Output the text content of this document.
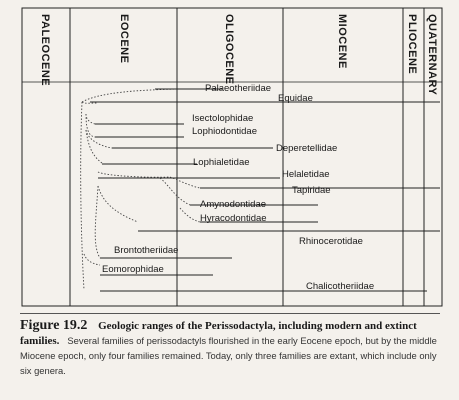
PALEOCENE	EOCENE	OLIGOCENE	MIOCENE	PLIOCENE QUATERNARY
Palaeotheriidae
Equidae
Isectolophidae
Lophiodontidae
Deperetellidae
Lophialetidae
Helaletidae
Tapiridae
Amynodontidae
Hyracodontidae
Rhinocerotidae
Brontotheriidae
Eomorophidae
Chalicotheriidae
Figure 19.2 Geologic ranges of the Perissodactyla, including modern and extinct families. Several families of perissodactyls flourished in the early Eocene epoch, but by the middle Miocene epoch, only four families remained. Today, only three families are extant, which include only six genera.
